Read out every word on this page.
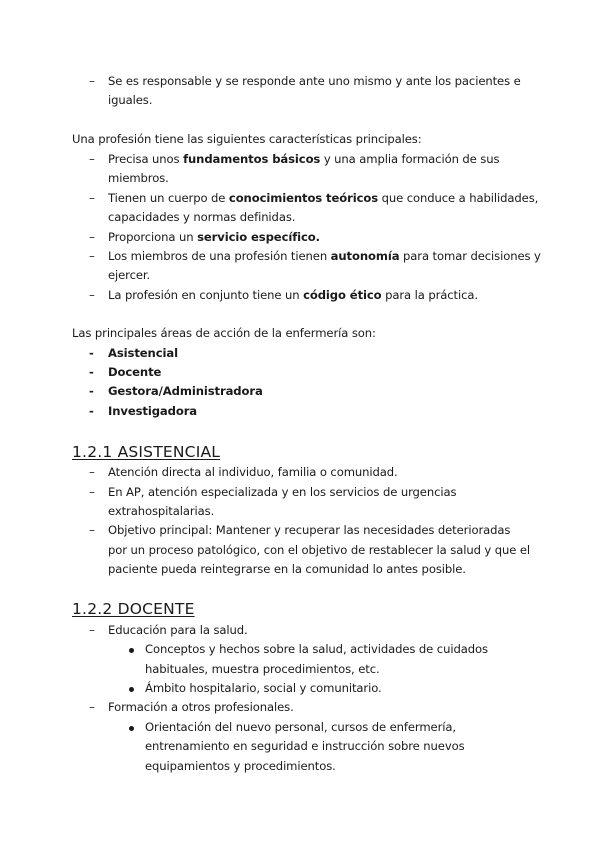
– Se es responsable y se responde ante uno mismo y ante los pacientes e
iguales.
Una profesión tiene las siguientes características principales:
– Precisa unos fundamentos básicos y una amplia formación de sus
miembros.
– Tienen un cuerpo de conocimientos teóricos que conduce a habilidades,
capacidades y normas definidas.
– Proporciona un servicio específico.
– Los miembros de una profesión tienen autonomía para tomar decisiones y
ejercer.
– La profesión en conjunto tiene un código ético para la práctica.
Las principales áreas de acción de la enfermería son:
- Asistencial
- Docente
- Gestora/Administradora
- Investigadora
1.2.1 ASISTENCIAL
– Atención directa al individuo, familia o comunidad.
– En AP, atención especializada y en los servicios de urgencias
extrahospitalarias.
– Objetivo principal: Mantener y recuperar las necesidades deterioradas
por un proceso patológico, con el objetivo de restablecer la salud y que el
paciente pueda reintegrarse en la comunidad lo antes posible.
1.2.2 DOCENTE
– Educación para la salud.
Conceptos y hechos sobre la salud, actividades de cuidados
habituales, muestra procedimientos, etc.
Ámbito hospitalario, social y comunitario.
– Formación a otros profesionales.
Orientación del nuevo personal, cursos de enfermería,
entrenamiento en seguridad e instrucción sobre nuevos
equipamientos y procedimientos.
